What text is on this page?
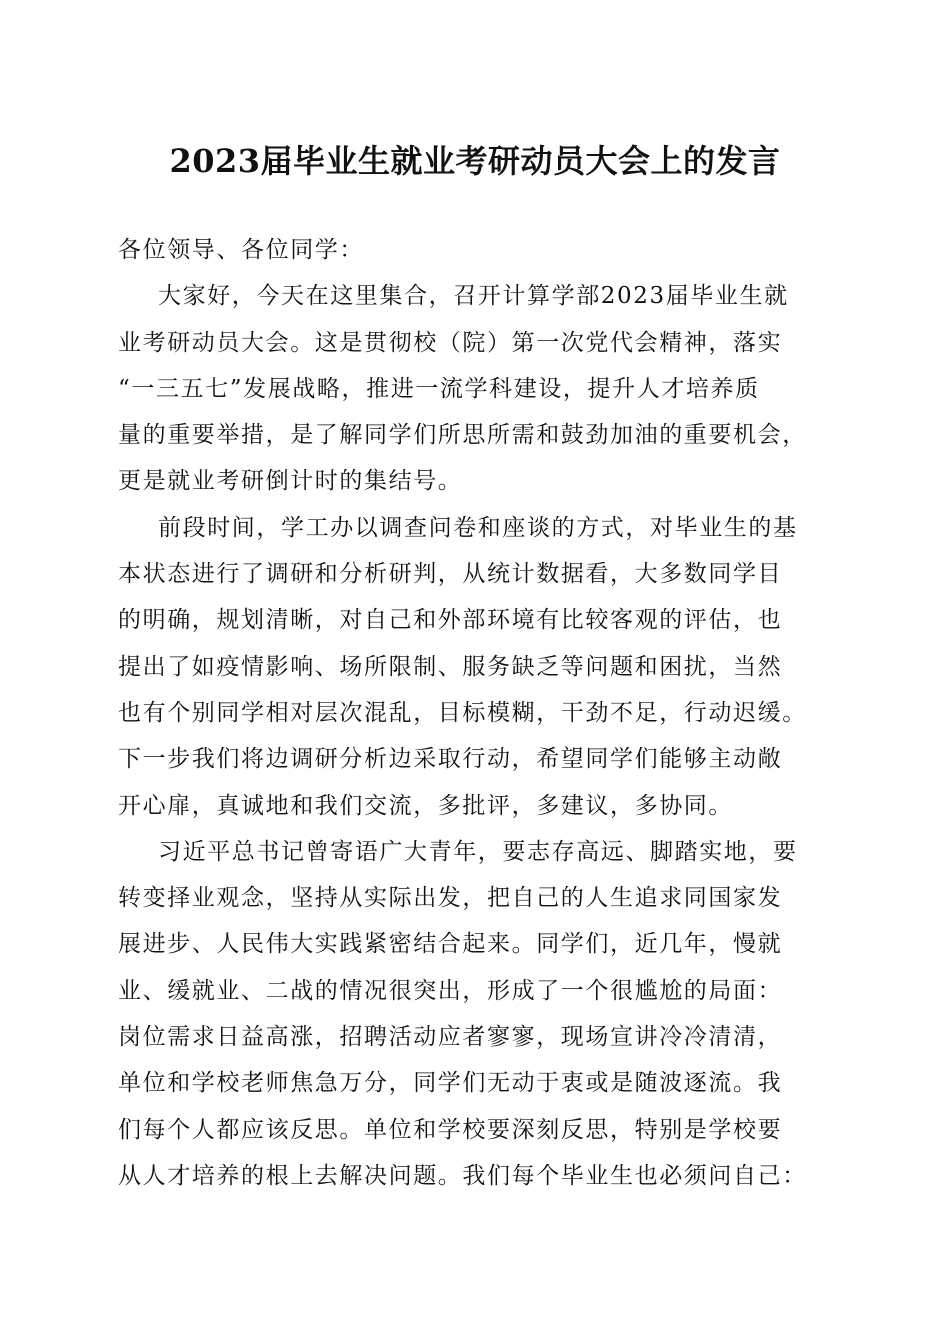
2023届毕业生就业考研动员大会上的发言
各位领导、各位同学：
大家好，今天在这里集合，召开计算学部2023届毕业生就
业考研动员大会。这是贯彻校（院）第一次党代会精神，落实
“一三五七”发展战略，推进一流学科建设，提升人才培养质
量的重要举措，是了解同学们所思所需和鼓劲加油的重要机会，
更是就业考研倒计时的集结号。
前段时间，学工办以调查问卷和座谈的方式，对毕业生的基
本状态进行了调研和分析研判，从统计数据看，大多数同学目
的明确，规划清晰，对自己和外部环境有比较客观的评估，也
提出了如疫情影响、场所限制、服务缺乏等问题和困扰，当然
也有个别同学相对层次混乱，目标模糊，干劲不足，行动迟缓。
下一步我们将边调研分析边采取行动，希望同学们能够主动敞
开心扉，真诚地和我们交流，多批评，多建议，多协同。
习近平总书记曾寄语广大青年，要志存高远、脚踏实地，要
转变择业观念，坚持从实际出发，把自己的人生追求同国家发
展进步、人民伟大实践紧密结合起来。同学们，近几年，慢就
业、缓就业、二战的情况很突出，形成了一个很尴尬的局面：
岗位需求日益高涨，招聘活动应者寥寥，现场宣讲冷冷清清，
单位和学校老师焦急万分，同学们无动于衷或是随波逐流。我
们每个人都应该反思。单位和学校要深刻反思，特别是学校要
从人才培养的根上去解决问题。我们每个毕业生也必须问自己：
